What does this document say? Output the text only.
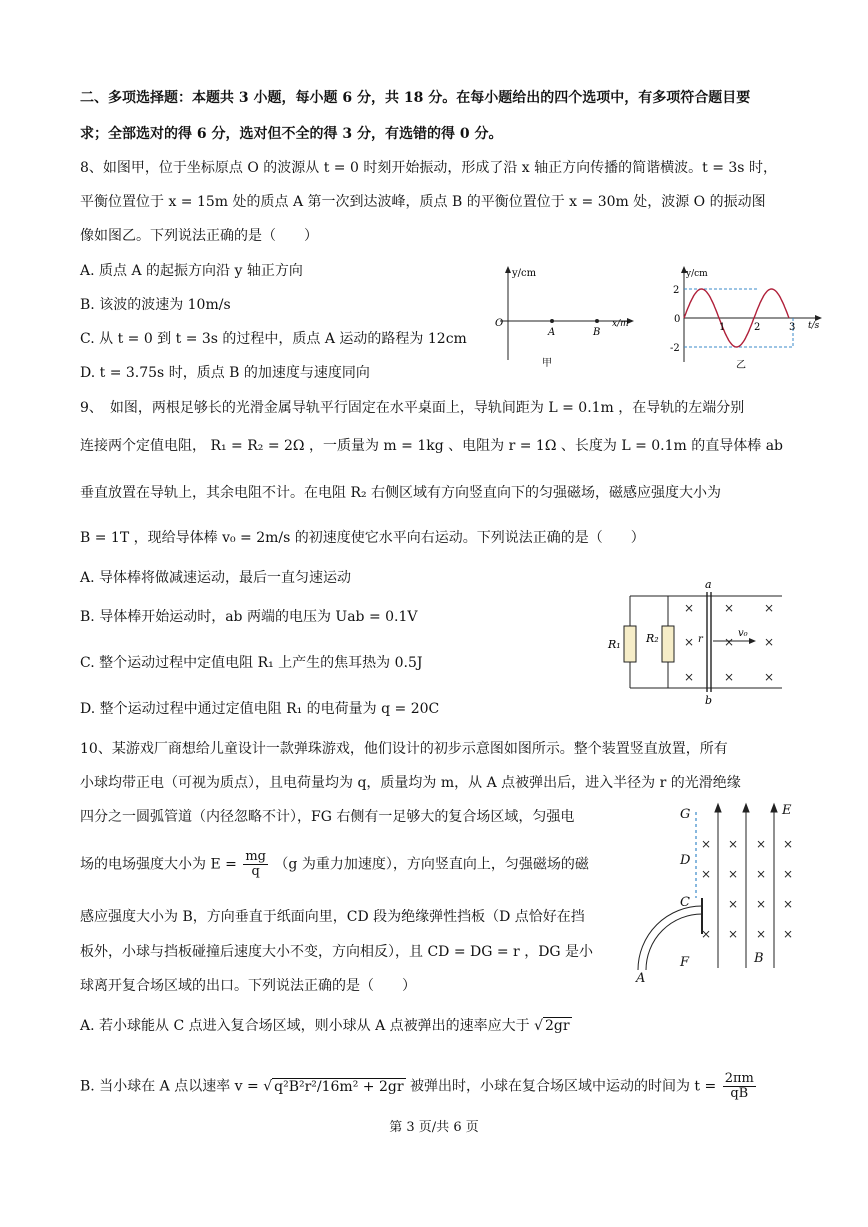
二、多项选择题：本题共 3 小题，每小题 6 分，共 18 分。在每小题给出的四个选项中，有多项符合题目要
求；全部选对的得 6 分，选对但不全的得 3 分，有选错的得 0 分。
8、如图甲，位于坐标原点 O 的波源从 t = 0 时刻开始振动，形成了沿 x 轴正方向传播的简谐横波。t = 3s 时，
平衡位置位于 x = 15m 处的质点 A 第一次到达波峰，质点 B 的平衡位置位于 x = 30m 处，波源 O 的振动图
像如图乙。下列说法正确的是（　　）
A. 质点 A 的起振方向沿 y 轴正方向
B. 该波的波速为 10m/s
C. 从 t = 0 到 t = 3s 的过程中，质点 A 运动的路程为 12cm
D. t = 3.75s 时，质点 B 的加速度与速度同向
y/cm
O
A	B
x/m
甲
y/cm
t/s
2
-2
0
1	2	3
乙
9、　如图，两根足够长的光滑金属导轨平行固定在水平桌面上，导轨间距为 L = 0.1m ，在导轨的左端分别
连接两个定值电阻， R₁ = R₂ = 2Ω ，一质量为 m = 1kg 、电阻为 r = 1Ω 、长度为 L = 0.1m 的直导体棒 ab
垂直放置在导轨上，其余电阻不计。在电阻 R₂ 右侧区域有方向竖直向下的匀强磁场，磁感应强度大小为
B = 1T ，现给导体棒 v₀ = 2m/s 的初速度使它水平向右运动。下列说法正确的是（　　）
A. 导体棒将做减速运动，最后一直匀速运动
B. 导体棒开始运动时，ab 两端的电压为 Uab = 0.1V
C. 整个运动过程中定值电阻 R₁ 上产生的焦耳热为 0.5J
D. 整个运动过程中通过定值电阻 R₁ 的电荷量为 q = 20C
R₁ R₂
a
b
r
× × ×
× × ×
× × ×
v₀
10、某游戏厂商想给儿童设计一款弹珠游戏，他们设计的初步示意图如图所示。整个装置竖直放置，所有
小球均带正电（可视为质点），且电荷量均为 q，质量均为 m，从 A 点被弹出后，进入半径为 r 的光滑绝缘
四分之一圆弧管道（内径忽略不计），FG 右侧有一足够大的复合场区域，匀强电
场的电场强度大小为 $E = \frac{mg}{q} (g$ 为重力加速度），方向竖直向上，匀强磁场的磁
感应强度大小为 B，方向垂直于纸面向里，CD 段为绝缘弹性挡板（D 点恰好在挡
板外，小球与挡板碰撞后速度大小不变，方向相反），且 CD = DG = r ，DG 是小
球离开复合场区域的出口。下列说法正确的是（　　）
A. 若小球能从 C 点进入复合场区域，则小球从 A 点被弹出的速率应大于 √ 2gr
B. 当小球在 A 点以速率 v = √ q²B²r²/16m² + 2gr 被弹出时，小球在复合场区域中运动的时间为 $t = \frac{2\pi m}{qB}$
× × × ×
× × × ×
× × ×
× × × ×
G	E
D
C
F	B
A
第 3 页/共 6 页
